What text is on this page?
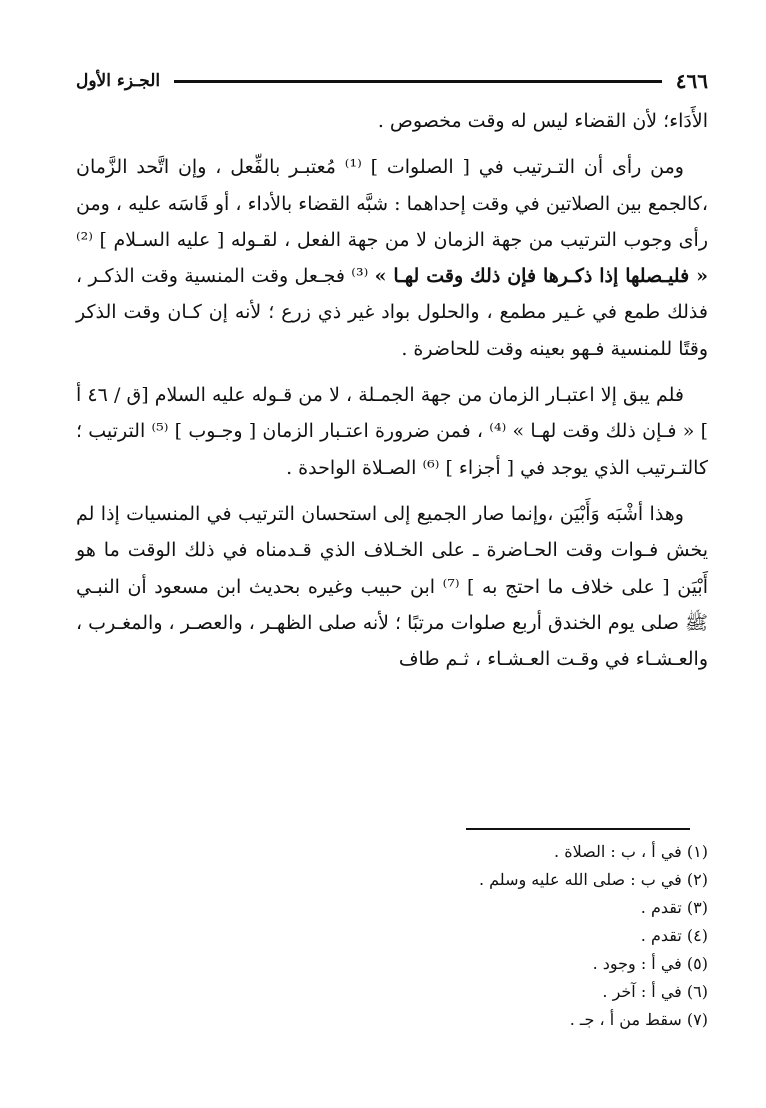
الجـزء الأول	٤٦٦

الأَدَاء؛ لأن القضاء ليس له وقت مخصوص .

ومن رأى أن التـرتيب في [ الصلوات ] ⁽¹⁾ مُعتبـر بالفِّعل ، وإن اتَّحد الزَّمان ،كالجمع بين الصلاتين في وقت إحداهما : شبَّه القضاء بالأداء ، أو قَاسَه عليه ، ومن رأى وجوب الترتيب من جهة الزمان لا من جهة الفعل ، لقـوله [ عليه السـلام ] ⁽²⁾ « فليـصلها إذا ذكـرها فإن ذلك وقت لهـا » ⁽³⁾ فجـعل وقت المنسية وقت الذكـر ، فذلك طمع في غـير مطمع ، والحلول بواد غير ذي زرع ؛ لأنه إن كـان وقت الذكر وقتًا للمنسية فـهو بعينه وقت للحاضرة .

فلم يبق إلا اعتبـار الزمان من جهة الجمـلة ، لا من قـوله عليه السلام [ق / ٤٦ أ ] « فـإن ذلك وقت لهـا » ⁽⁴⁾ ، فمن ضرورة اعتـبار الزمان [ وجـوب ] ⁽⁵⁾ الترتيب ؛ كالتـرتيب الذي يوجد في [ أجزاء ] ⁽⁶⁾ الصـلاة الواحدة .

وهذا أشْبَه وَأَبْيَن ،وإنما صار الجميع إلى استحسان الترتيب في المنسيات إذا لم يخش فـوات وقت الحـاضرة ـ على الخـلاف الذي قـدمناه في ذلك الوقت ما هو أَبْيَن [ على خلاف ما احتج به ] ⁽⁷⁾ ابن حبيب وغيره بحديث ابن مسعود أن النبـي ﷺ صلى يوم الخندق أربع صلوات مرتبًا ؛ لأنه صلى الظهـر ، والعصـر ، والمغـرب ، والعـشـاء في وقـت العـشـاء ، ثـم طاف

(١) في أ ، ب : الصلاة .
(٢) في ب : صلى الله عليه وسلم .
(٣) تقدم .
(٤) تقدم .
(٥) في أ : وجود .
(٦) في أ : آخر .
(٧) سقط من أ ، جـ .
